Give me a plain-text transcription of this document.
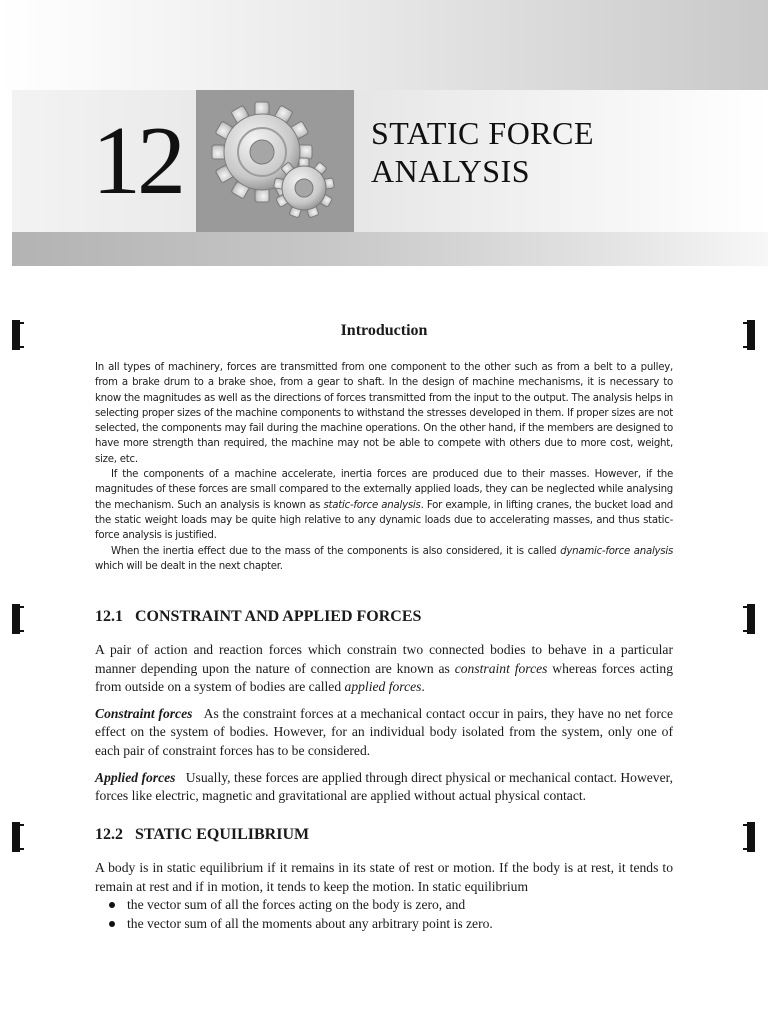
12	STATIC FORCE
ANALYSIS
Introduction

In all types of machinery, forces are transmitted from one component to the other such as from a belt to a pulley, from a brake drum to a brake shoe, from a gear to shaft. In the design of machine mechanisms, it is necessary to know the magnitudes as well as the directions of forces transmitted from the input to the output. The analysis helps in selecting proper sizes of the machine components to withstand the stresses developed in them. If proper sizes are not selected, the components may fail during the machine operations. On the other hand, if the members are designed to have more strength than required, the machine may not be able to compete with others due to more cost, weight, size, etc.

If the components of a machine accelerate, inertia forces are produced due to their masses. However, if the magnitudes of these forces are small compared to the externally applied loads, they can be neglected while analysing the mechanism. Such an analysis is known as static-force analysis. For example, in lifting cranes, the bucket load and the static weight loads may be quite high relative to any dynamic loads due to accelerating masses, and thus static-force analysis is justified.

When the inertia effect due to the mass of the components is also considered, it is called dynamic-force analysis which will be dealt in the next chapter.

12.1 CONSTRAINT AND APPLIED FORCES

A pair of action and reaction forces which constrain two connected bodies to behave in a particular manner depending upon the nature of connection are known as constraint forces whereas forces acting from outside on a system of bodies are called applied forces.

Constraint forces As the constraint forces at a mechanical contact occur in pairs, they have no net force effect on the system of bodies. However, for an individual body isolated from the system, only one of each pair of constraint forces has to be considered.

Applied forces Usually, these forces are applied through direct physical or mechanical contact. However, forces like electric, magnetic and gravitational are applied without actual physical contact.

12.2 STATIC EQUILIBRIUM

A body is in static equilibrium if it remains in its state of rest or motion. If the body is at rest, it tends to remain at rest and if in motion, it tends to keep the motion. In static equilibrium

the vector sum of all the forces acting on the body is zero, and
the vector sum of all the moments about any arbitrary point is zero.
